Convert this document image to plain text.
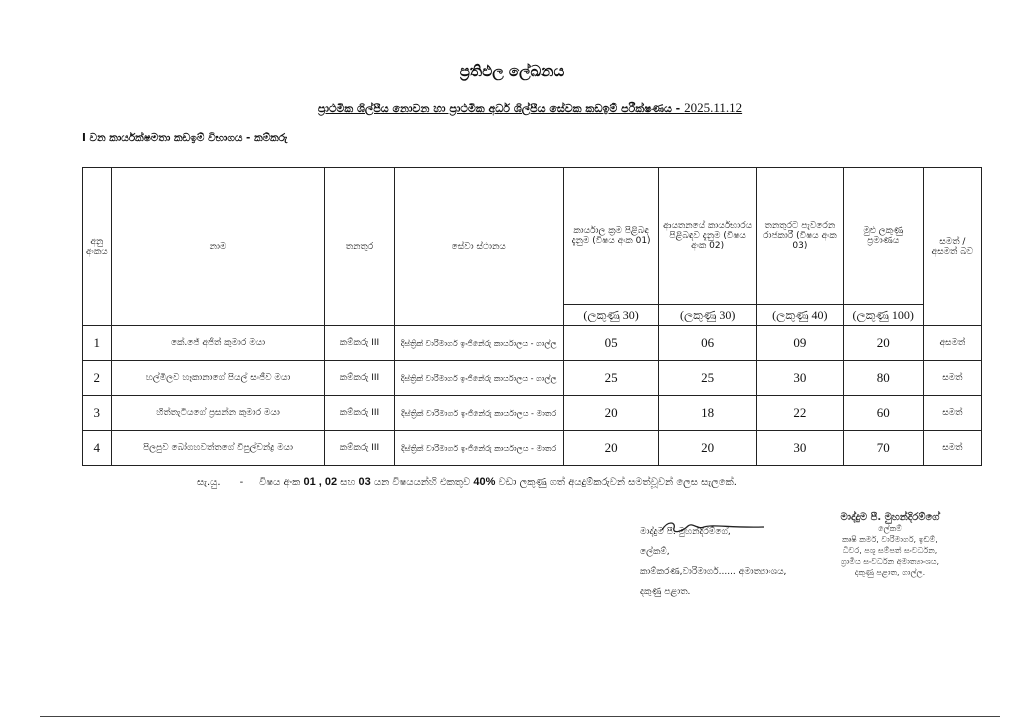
ප්‍රතිඵල ලේඛනය
ප්‍රාථමික ශිල්පීය නොවන හා ප්‍රාථමික අර්ධ ශිල්පීය සේවක කඩඉම් පරීක්ෂණය - 2025.11.12
I වන කාර්යක්ෂමතා කඩඉම් විභාගය - කම්කරු
අනු අංකය	නාම	තනතුර	සේවා ස්ථානය	කාර්යාල ක්‍රම පිළිබඳ දැනුම (විෂය අංක 01)	ආයතනයේ කාර්යභාරය පිළිබඳව දැනුම (විෂය අංක 02)	තනතුරට පැවරෙන රාජකාරී (විෂය අංක 03)	මුළු ලකුණු ප්‍රමාණය	සමත් / අසමත් බව
				(ලකුණු 30)	(ලකුණු 30)	(ලකුණු 40)	(ලකුණු 100)	
1	කේ.ජේ අජිත් කුමාර මයා	කම්කරු III	දිස්ත්‍රික් වාරිමාර්ග ඉංජිනේරු කාර්යාලය - ගාල්ල	05	06	09	20	අසමත්
2	හල්මිලව හෑකානාගේ පියල් සංජීව මයා	කම්කරු III	දිස්ත්‍රික් වාරිමාර්ග ඉංජිනේරු කාර්යාලය - ගාල්ල	25	25	30	80	සමත්
3	හිත්තැටියගේ ප්‍රසන්න කුමාර මයා	කම්කරු III	දිස්ත්‍රික් වාරිමාර්ග ඉංජිනේරු කාර්යාලය - මාතර	20	18	22	60	සමත්
4	පිලපුව බෝගහවත්තගේ විපුල්චන්ද්‍ර මයා	කම්කරු III	දිස්ත්‍රික් වාරිමාර්ග ඉංජිනේරු කාර්යාලය - මාතර	20	20	30	70	සමත්
සැ.යු. - විෂය අංක 01 , 02 සහ 03 යන විෂයයන්හි එකතුව 40% වඩා ලකුණු ගත් අයදුම්කරුවන් සමත්වූවන් ලෙස සැලකේ.
මාද්දුම පී. මුහන්දිරම්ගේ,
ලේකම්,
කාම්කරණ,වාරිමාර්ග...... අමාත්‍යාංශය,
දකුණු පළාත.
මාද්දුම පී. මුහන්දිරම්ගේ
ලේකම්
කෘෂි කර්ම, වාරිමාර්ග, ඉඩම්,
ධීවර, පශු සම්පත් සංවර්ධන,
ග්‍රාමීය සංවර්ධන අමාත්‍යාංශය,
දකුණු පළාත, ගාල්ල.
